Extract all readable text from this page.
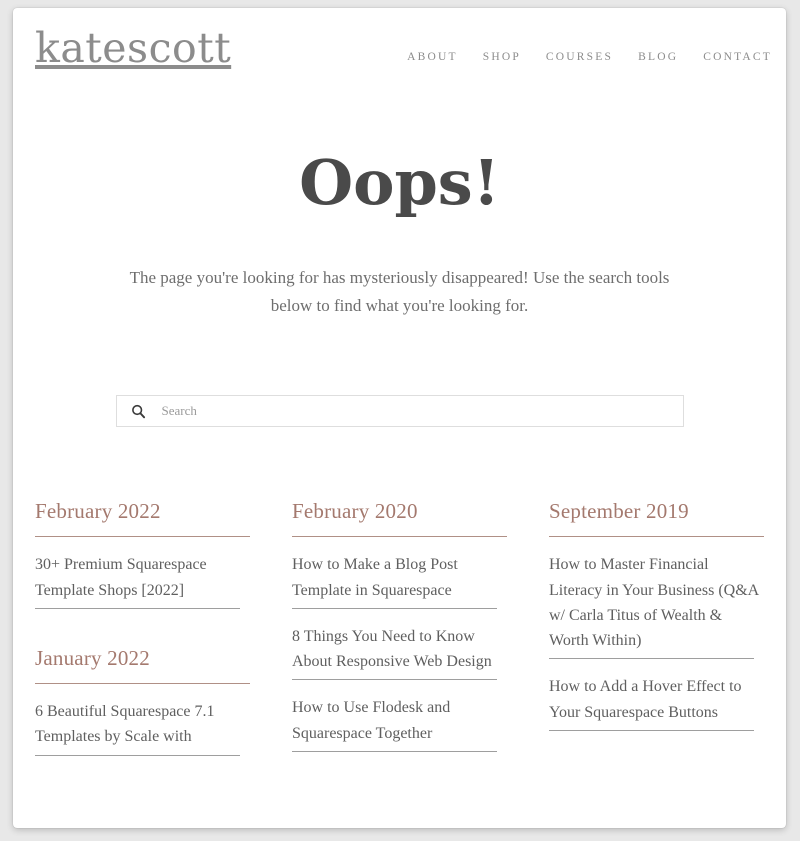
katescott	ABOUT SHOP COURSES BLOG CONTACT
Oops!

The page you're looking for has mysteriously disappeared! Use the search tools below to find what you're looking for.

Search
February 2022
30+ Premium Squarespace Template Shops [2022]
January 2022
6 Beautiful Squarespace 7.1 Templates by Scale with
February 2020
How to Make a Blog Post Template in Squarespace
8 Things You Need to Know About Responsive Web Design
How to Use Flodesk and Squarespace Together
September 2019
How to Master Financial Literacy in Your Business (Q&A w/ Carla Titus of Wealth & Worth Within)
How to Add a Hover Effect to Your Squarespace Buttons
